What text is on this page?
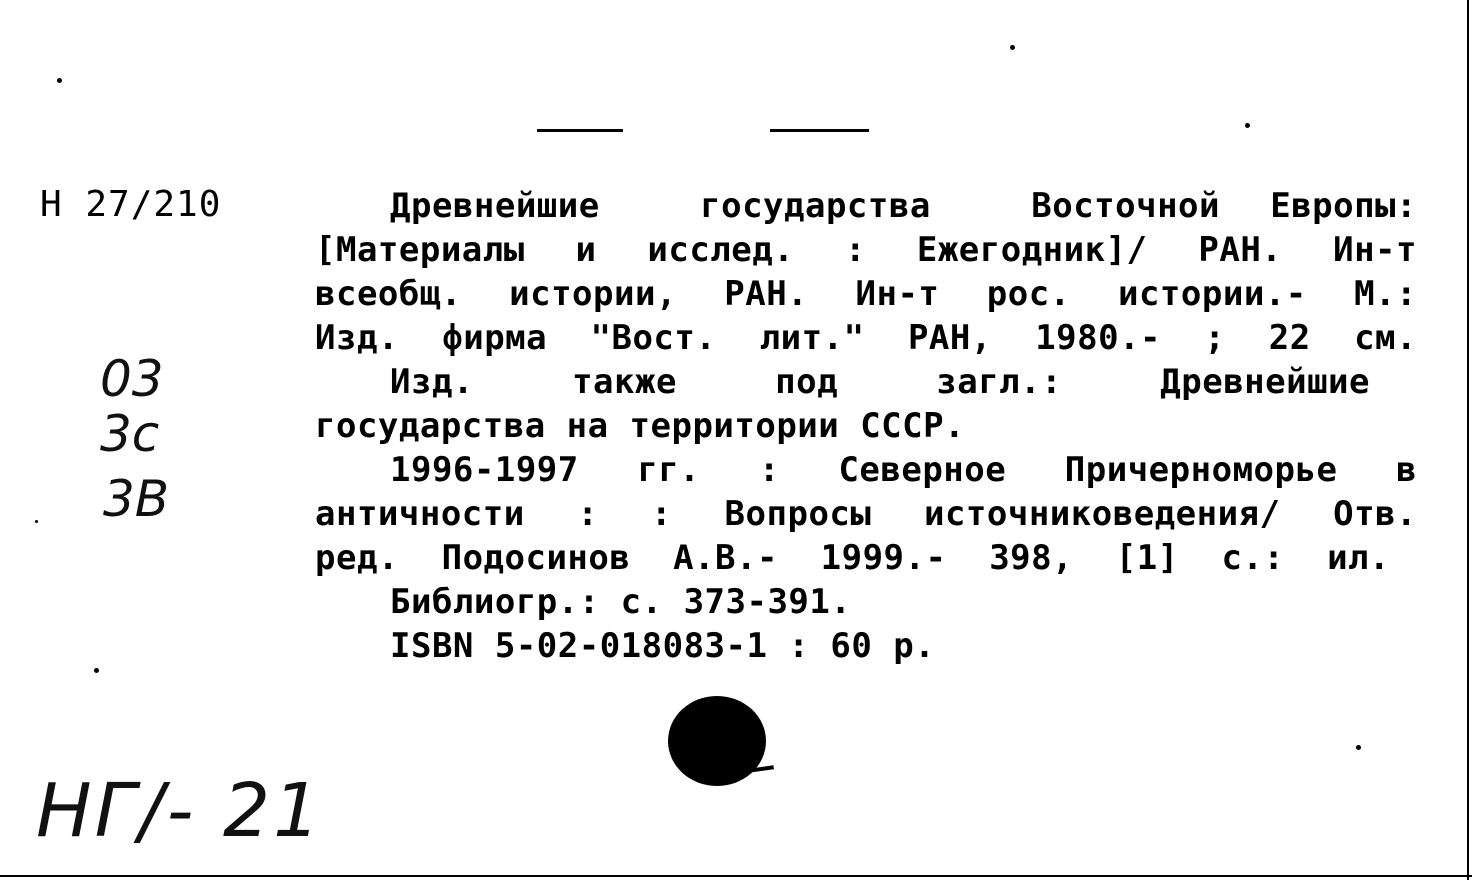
Н 27/210
03
3c
3B
Древнейшие  государства  Восточной Европы:
[Материалы и исслед. : Ежегодник]/ РАН. Ин-т
всеобщ. истории, РАН. Ин-т рос. истории.- М.:
Изд. фирма "Вост. лит." РАН, 1980.- ; 22 см.
Изд.   также   под   загл.:   Древнейшие
государства на территории СССР.
1996-1997 гг. : Северное Причерноморье в
античности : : Вопросы источниковедения/ Отв.
ред. Подосинов А.В.- 1999.- 398, [1] с.: ил.
Библиогр.: с. 373-391.
ISBN 5-02-018083-1 : 60 р.
НГ/- 21
